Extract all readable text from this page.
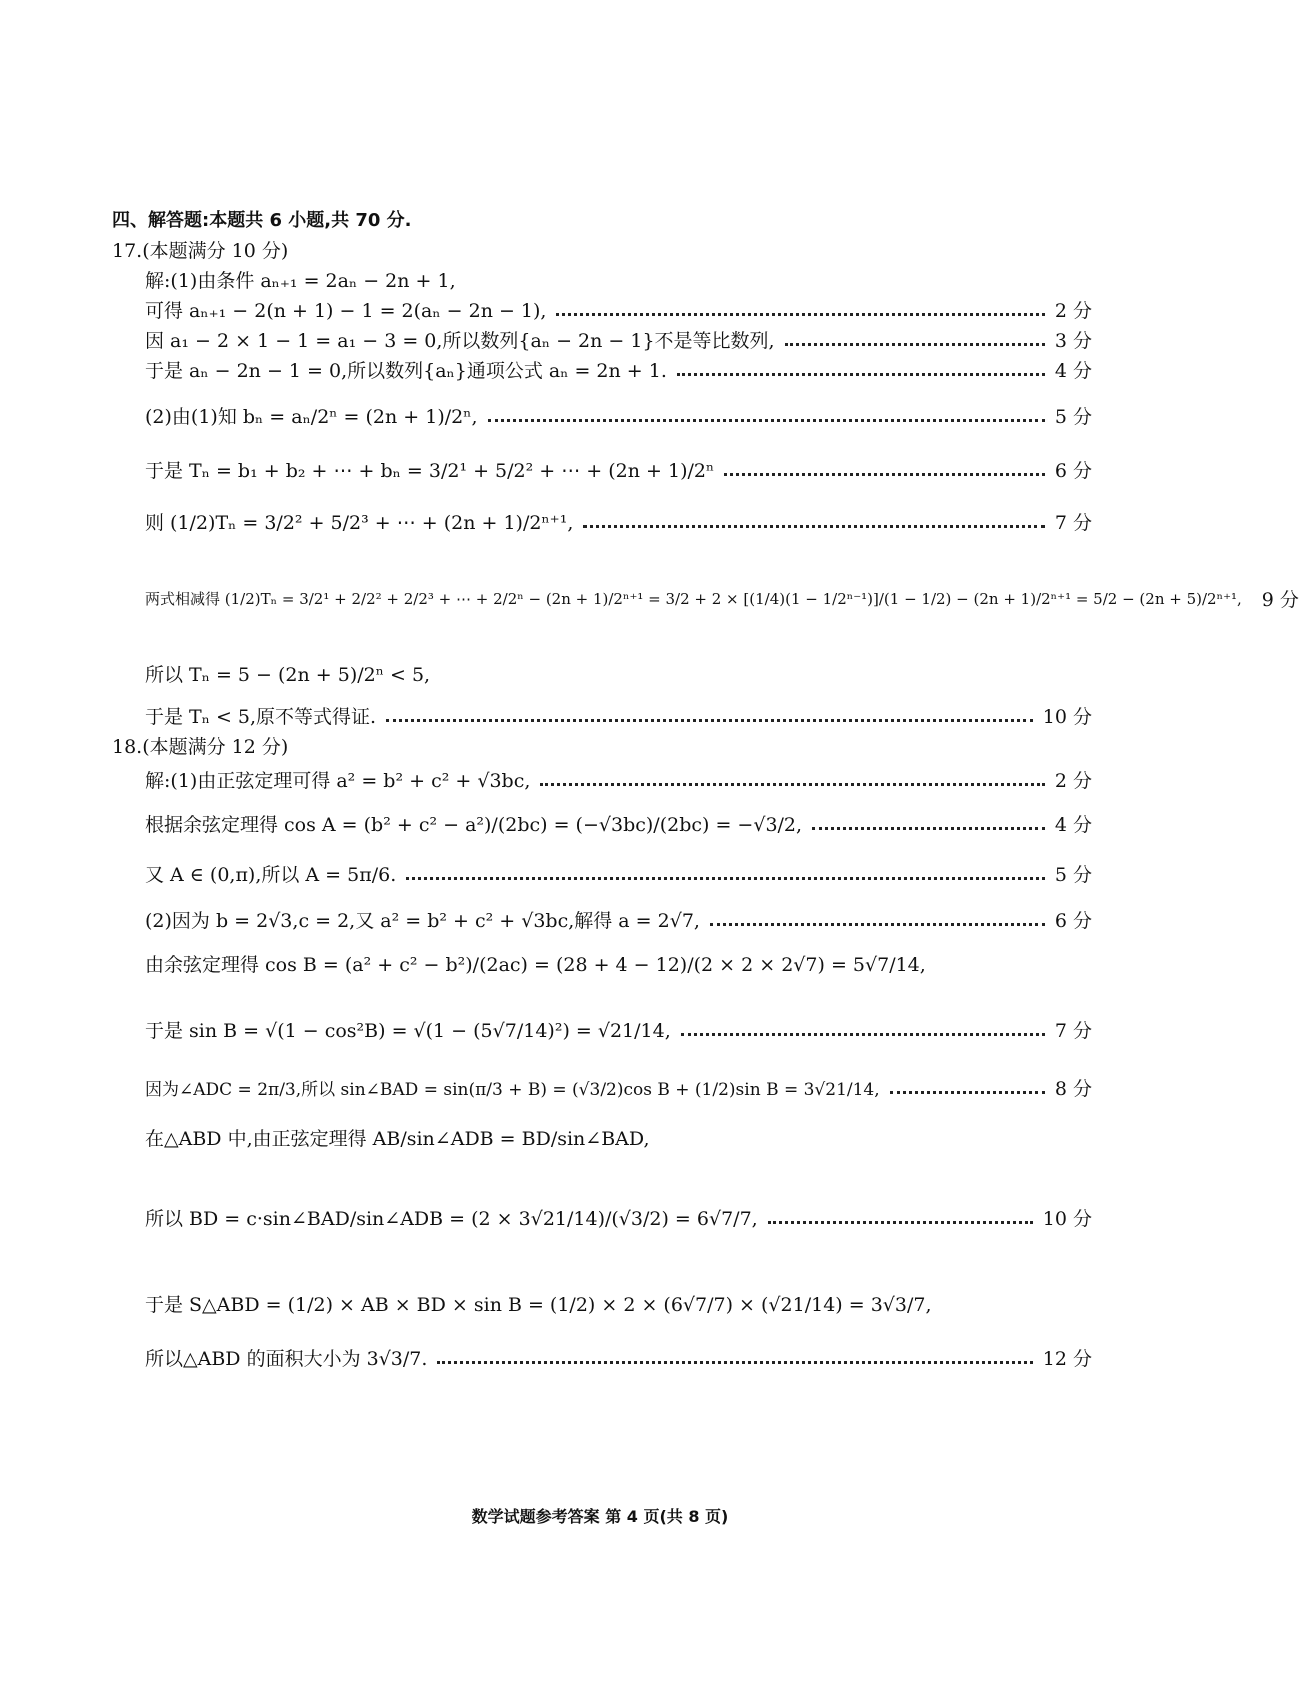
四、解答题:本题共 6 小题,共 70 分.
17.(本题满分 10 分)
解:(1)由条件 aₙ₊₁ = 2aₙ − 2n + 1,
可得 aₙ₊₁ − 2(n + 1) − 1 = 2(aₙ − 2n − 1),	2 分
因 a₁ − 2 × 1 − 1 = a₁ − 3 = 0,所以数列{aₙ − 2n − 1}不是等比数列,	3 分
于是 aₙ − 2n − 1 = 0,所以数列{aₙ}通项公式 aₙ = 2n + 1.	4 分
(2)由(1)知 bₙ = aₙ/2ⁿ = (2n + 1)/2ⁿ,	5 分
于是 Tₙ = b₁ + b₂ + ⋯ + bₙ = 3/2¹ + 5/2² + ⋯ + (2n + 1)/2ⁿ	6 分
则 (1/2)Tₙ = 3/2² + 5/2³ + ⋯ + (2n + 1)/2ⁿ⁺¹,	7 分
两式相减得 (1/2)Tₙ = 3/2¹ + 2/2² + 2/2³ + ⋯ + 2/2ⁿ − (2n + 1)/2ⁿ⁺¹ = 3/2 + 2 × [(1/4)(1 − 1/2ⁿ⁻¹)]/(1 − 1/2) − (2n + 1)/2ⁿ⁺¹ = 5/2 − (2n + 5)/2ⁿ⁺¹, 9 分
所以 Tₙ = 5 − (2n + 5)/2ⁿ < 5,
于是 Tₙ < 5,原不等式得证.	10 分
18.(本题满分 12 分)
解:(1)由正弦定理可得 a² = b² + c² + √3bc,	2 分
根据余弦定理得 cos A = (b² + c² − a²)/(2bc) = (−√3bc)/(2bc) = −√3/2,	4 分
又 A ∈ (0,π),所以 A = 5π/6.	5 分
(2)因为 b = 2√3,c = 2,又 a² = b² + c² + √3bc,解得 a = 2√7,	6 分
由余弦定理得 cos B = (a² + c² − b²)/(2ac) = (28 + 4 − 12)/(2 × 2 × 2√7) = 5√7/14,
于是 sin B = √(1 − cos²B) = √(1 − (5√7/14)²) = √21/14,	7 分
因为∠ADC = 2π/3,所以 sin∠BAD = sin(π/3 + B) = (√3/2)cos B + (1/2)sin B = 3√21/14,	8 分
在△ABD 中,由正弦定理得 AB/sin∠ADB = BD/sin∠BAD,
所以 BD = c·sin∠BAD/sin∠ADB = (2 × 3√21/14)/(√3/2) = 6√7/7,	10 分
于是 S△ABD = (1/2) × AB × BD × sin B = (1/2) × 2 × (6√7/7) × (√21/14) = 3√3/7,
所以△ABD 的面积大小为 3√3/7.	12 分
数学试题参考答案 第 4 页(共 8 页)
